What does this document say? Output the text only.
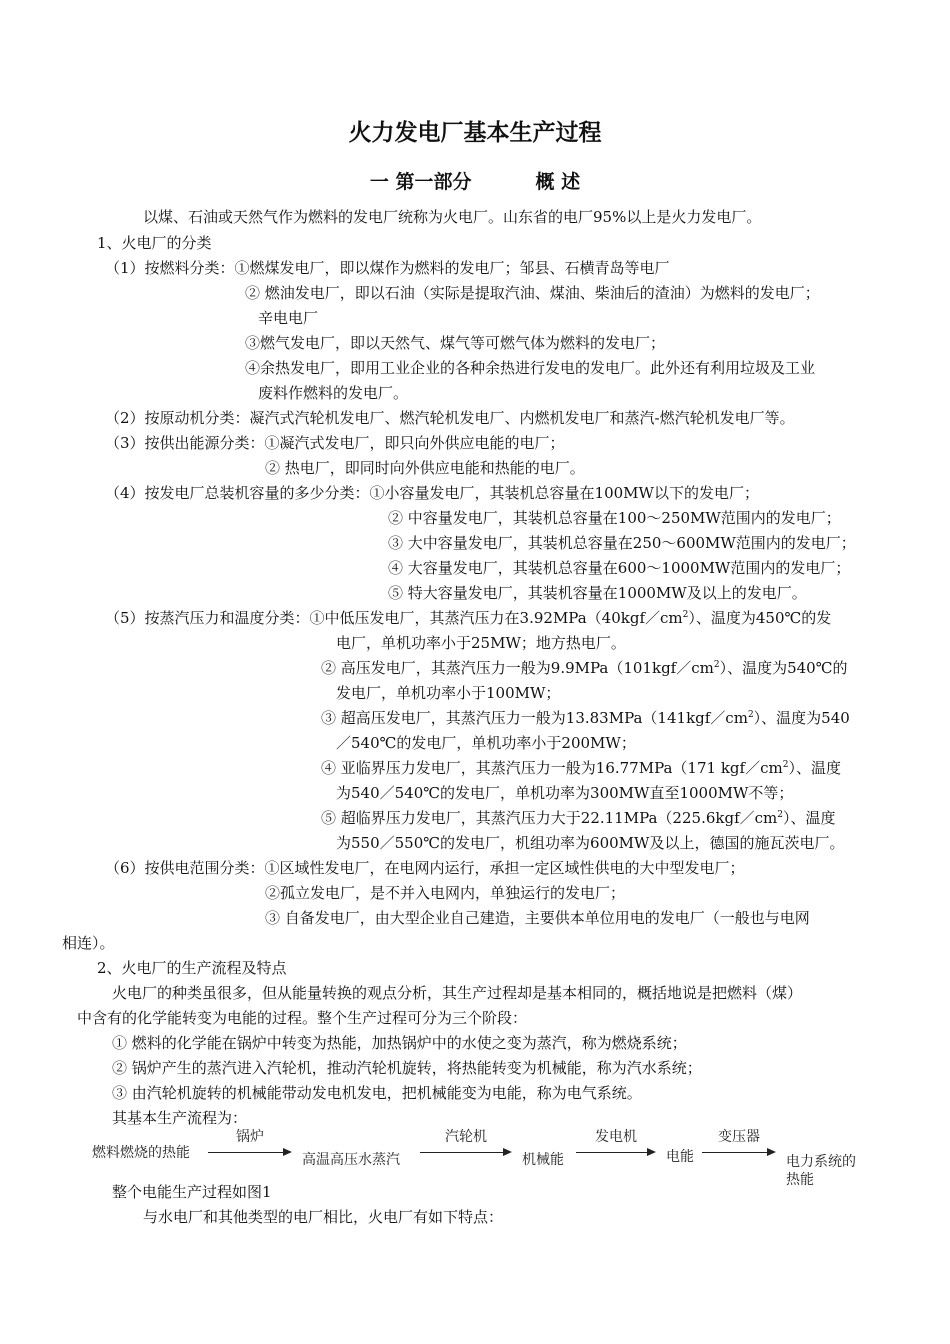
火力发电厂基本生产过程
一 第一部分	概 述
以煤、石油或天然气作为燃料的发电厂统称为火电厂。山东省的电厂95%以上是火力发电厂。
1、火电厂的分类
（1）按燃料分类：①燃煤发电厂，即以煤作为燃料的发电厂；邹县、石横青岛等电厂
② 燃油发电厂，即以石油（实际是提取汽油、煤油、柴油后的渣油）为燃料的发电厂；
辛电电厂
③燃气发电厂，即以天然气、煤气等可燃气体为燃料的发电厂；
④余热发电厂，即用工业企业的各种余热进行发电的发电厂。此外还有利用垃圾及工业
废料作燃料的发电厂。
（2）按原动机分类：凝汽式汽轮机发电厂、燃汽轮机发电厂、内燃机发电厂和蒸汽-燃汽轮机发电厂等。
（3）按供出能源分类：①凝汽式发电厂，即只向外供应电能的电厂；
② 热电厂，即同时向外供应电能和热能的电厂。
（4）按发电厂总装机容量的多少分类：①小容量发电厂，其装机总容量在100MW以下的发电厂；
② 中容量发电厂，其装机总容量在100～250MW范围内的发电厂；
③ 大中容量发电厂，其装机总容量在250～600MW范围内的发电厂；
④ 大容量发电厂，其装机总容量在600～1000MW范围内的发电厂；
⑤ 特大容量发电厂，其装机容量在1000MW及以上的发电厂。
（5）按蒸汽压力和温度分类：①中低压发电厂，其蒸汽压力在$3.92MPa(40kgf/cm^2)$、温度为450℃的发
电厂，单机功率小于25MW；地方热电厂。
② 高压发电厂，其蒸汽压力一般为$9.9MPa(101kgf/cm^2)$、温度为540℃的
发电厂，单机功率小于100MW；
③ 超高压发电厂，其蒸汽压力一般为$13.83MPa(141kgf/cm^2)$、温度为540
／540℃的发电厂，单机功率小于200MW；
④ 亚临界压力发电厂，其蒸汽压力一般为16.77MPa（171 $kgf/cm^2$）、温度
为540／540℃的发电厂，单机功率为300MW直至1000MW不等；
⑤ 超临界压力发电厂，其蒸汽压力大于$22.11MPa(225.6kgf/cm^2)$、温度
为550／550℃的发电厂，机组功率为600MW及以上，德国的施瓦茨电厂。
（6）按供电范围分类：①区域性发电厂，在电网内运行，承担一定区域性供电的大中型发电厂；
②孤立发电厂，是不并入电网内，单独运行的发电厂；
③ 自备发电厂，由大型企业自己建造，主要供本单位用电的发电厂（一般也与电网
相连）。
2、火电厂的生产流程及特点
火电厂的种类虽很多，但从能量转换的观点分析，其生产过程却是基本相同的，概括地说是把燃料（煤）
中含有的化学能转变为电能的过程。整个生产过程可分为三个阶段：
① 燃料的化学能在锅炉中转变为热能，加热锅炉中的水使之变为蒸汽，称为燃烧系统；
② 锅炉产生的蒸汽进入汽轮机，推动汽轮机旋转，将热能转变为机械能，称为汽水系统；
③ 由汽轮机旋转的机械能带动发电机发电，把机械能变为电能，称为电气系统。
其基本生产流程为：
燃料燃烧的热能
锅炉
高温高压水蒸汽
汽轮机
机械能
发电机
电能
变压器
电力系统的
热能
整个电能生产过程如图1
与水电厂和其他类型的电厂相比，火电厂有如下特点：
